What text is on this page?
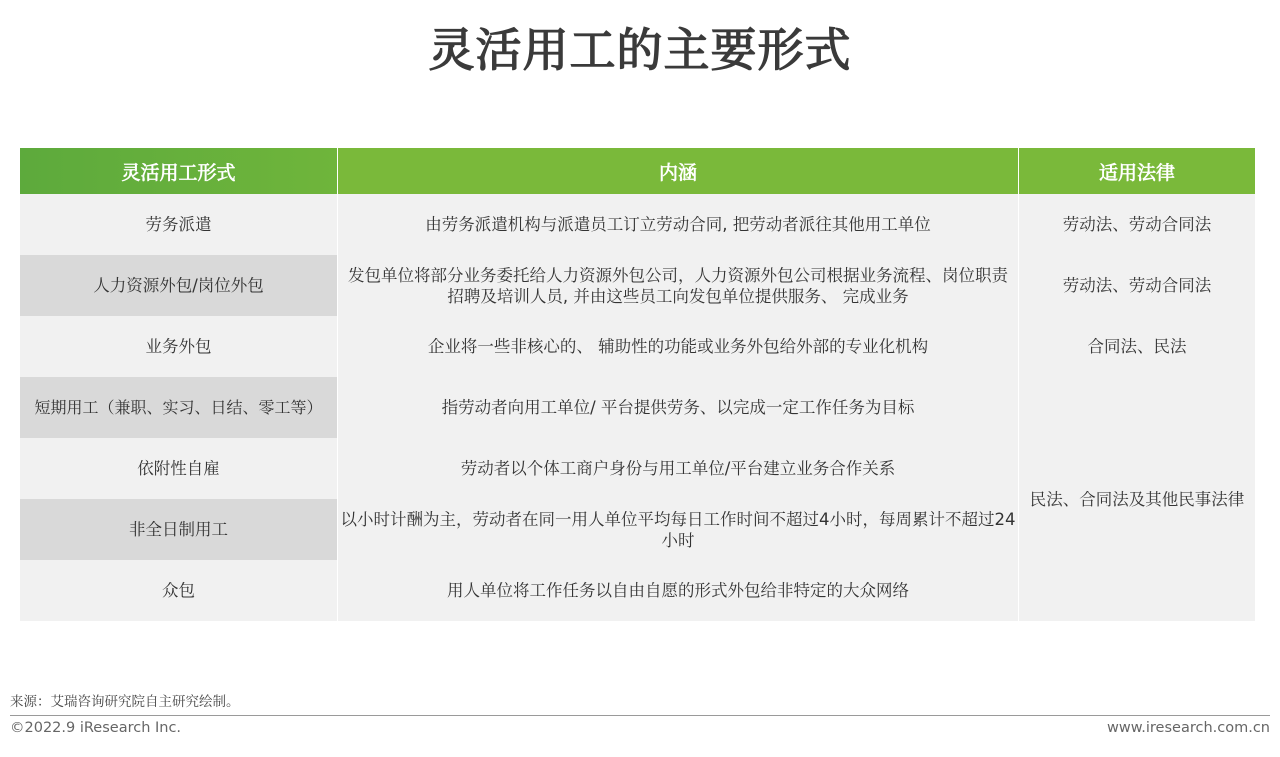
灵活用工的主要形式
灵活用工形式	内涵	适用法律
劳务派遣	由劳务派遣机构与派遣员工订立劳动合同, 把劳动者派往其他用工单位	劳动法、劳动合同法
人力资源外包/岗位外包	发包单位将部分业务委托给人力资源外包公司，人力资源外包公司根据业务流程、岗位职责招聘及培训人员, 并由这些员工向发包单位提供服务、 完成业务	劳动法、劳动合同法
业务外包	企业将一些非核心的、 辅助性的功能或业务外包给外部的专业化机构	合同法、民法
短期用工（兼职、实习、日结、零工等）	指劳动者向用工单位/ 平台提供劳务、以完成一定工作任务为目标	民法、合同法及其他民事法律
依附性自雇	劳动者以个体工商户身份与用工单位/平台建立业务合作关系	
非全日制用工	以小时计酬为主，劳动者在同一用人单位平均每日工作时间不超过4小时，每周累计不超过24小时	
众包	用人单位将工作任务以自由自愿的形式外包给非特定的大众网络	
来源：艾瑞咨询研究院自主研究绘制。
©2022.9 iResearch Inc.	www.iresearch.com.cn
